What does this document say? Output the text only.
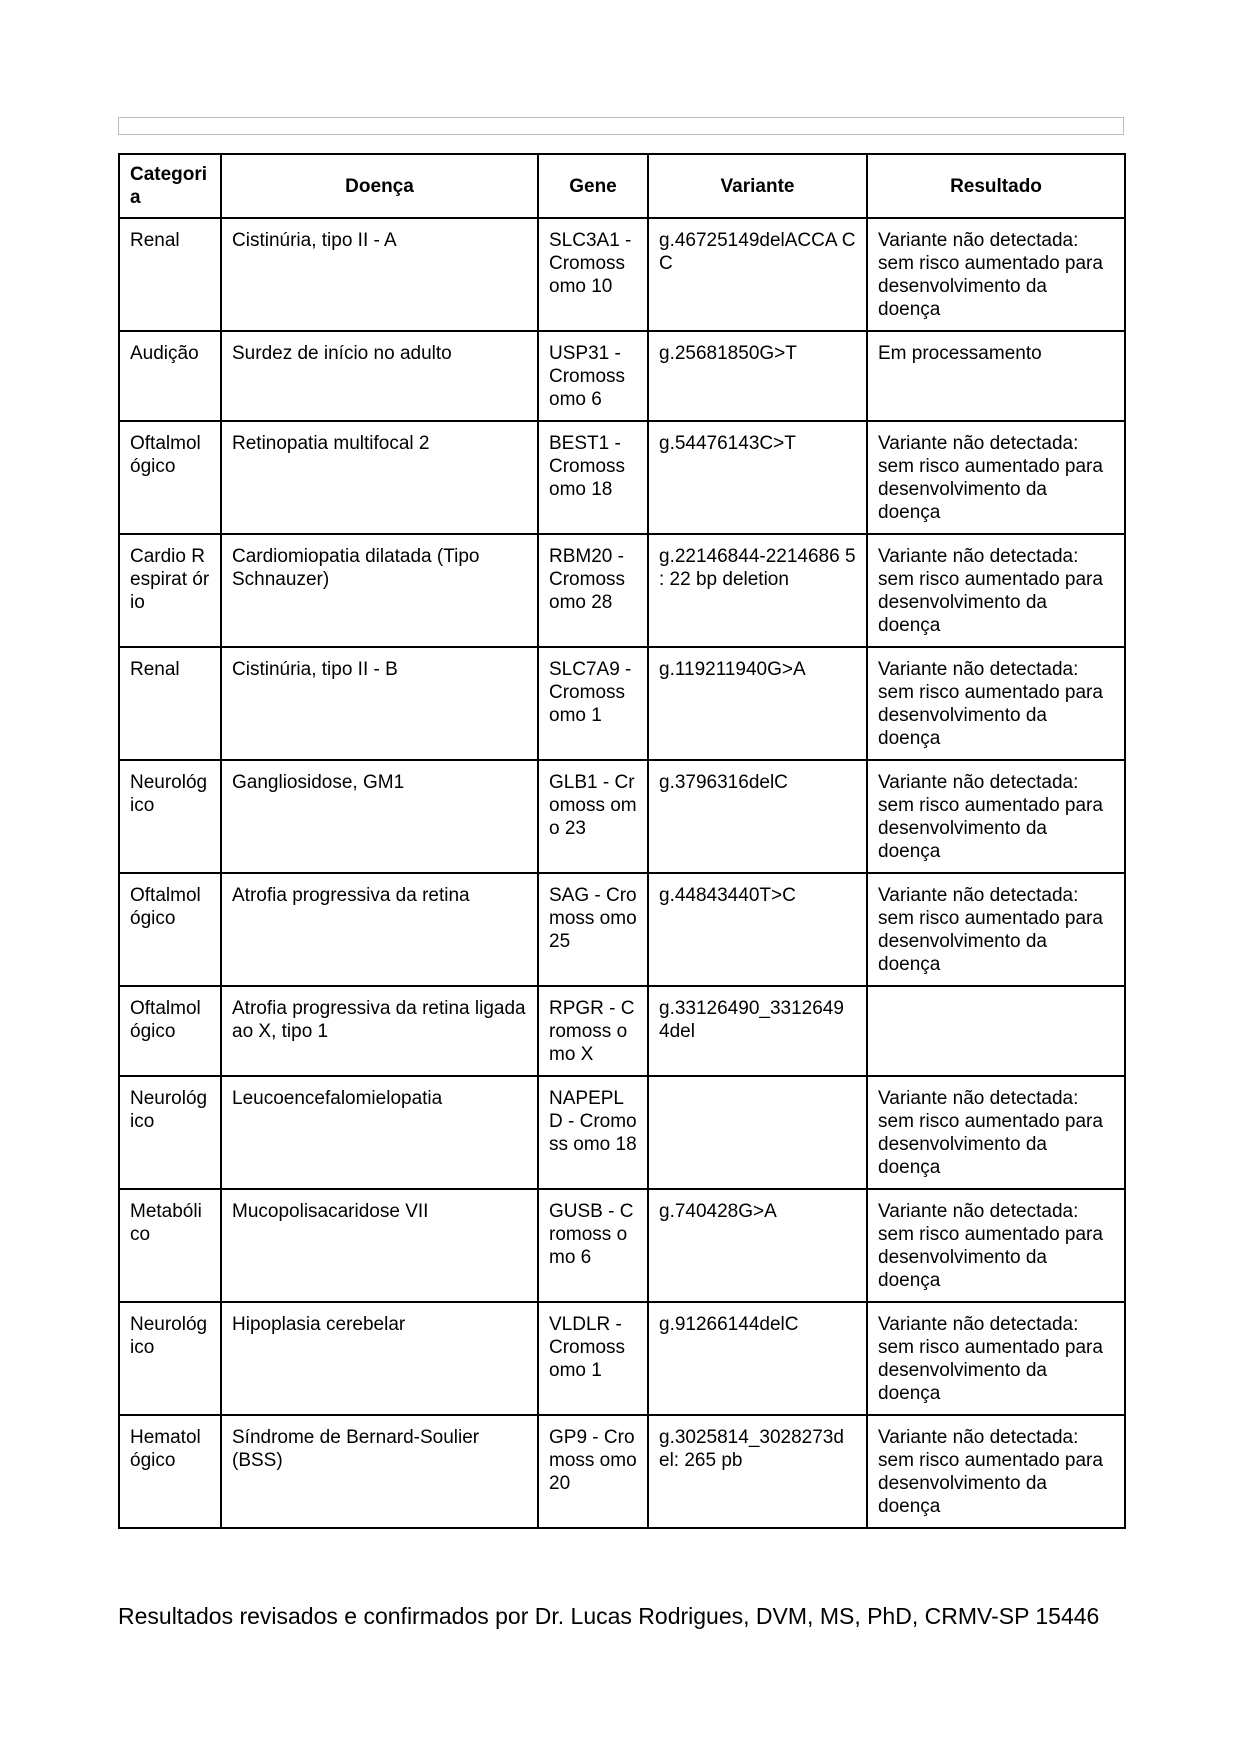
Categori a	Doença	Gene	Variante	Resultado
Renal	Cistinúria, tipo II - A	SLC3A1 - Cromoss omo 10	g.46725149delACCA CC	Variante não detectada: sem risco aumentado para desenvolvimento da doença
Audição	Surdez de início no adulto	USP31 - Cromoss omo 6	g.25681850G>T	Em processamento
Oftalmol ógico	Retinopatia multifocal 2	BEST1 - Cromoss omo 18	g.54476143C>T	Variante não detectada: sem risco aumentado para desenvolvimento da doença
Cardio Respirat ório	Cardiomiopatia dilatada (Tipo Schnauzer)	RBM20 - Cromoss omo 28	g.22146844-2214686 5 : 22 bp deletion	Variante não detectada: sem risco aumentado para desenvolvimento da doença
Renal	Cistinúria, tipo II - B	SLC7A9 - Cromoss omo 1	g.119211940G>A	Variante não detectada: sem risco aumentado para desenvolvimento da doença
Neurológ ico	Gangliosidose, GM1	GLB1 - Cromoss omo 23	g.3796316delC	Variante não detectada: sem risco aumentado para desenvolvimento da doença
Oftalmol ógico	Atrofia progressiva da retina	SAG - Cromoss omo 25	g.44843440T>C	Variante não detectada: sem risco aumentado para desenvolvimento da doença
Oftalmol ógico	Atrofia progressiva da retina ligada ao X, tipo 1	RPGR - Cromoss omo X	g.33126490_3312649 4del	
Neurológ ico	Leucoencefalomielopatia	NAPEPL D - Cromoss omo 18		Variante não detectada: sem risco aumentado para desenvolvimento da doença
Metabóli co	Mucopolisacaridose VII	GUSB - Cromoss omo 6	g.740428G>A	Variante não detectada: sem risco aumentado para desenvolvimento da doença
Neurológ ico	Hipoplasia cerebelar	VLDLR - Cromoss omo 1	g.91266144delC	Variante não detectada: sem risco aumentado para desenvolvimento da doença
Hematol ógico	Síndrome de Bernard-Soulier (BSS)	GP9 - Cromoss omo 20	g.3025814_3028273d el: 265 pb	Variante não detectada: sem risco aumentado para desenvolvimento da doença
Resultados revisados e confirmados por Dr. Lucas Rodrigues, DVM, MS, PhD, CRMV-SP 15446
